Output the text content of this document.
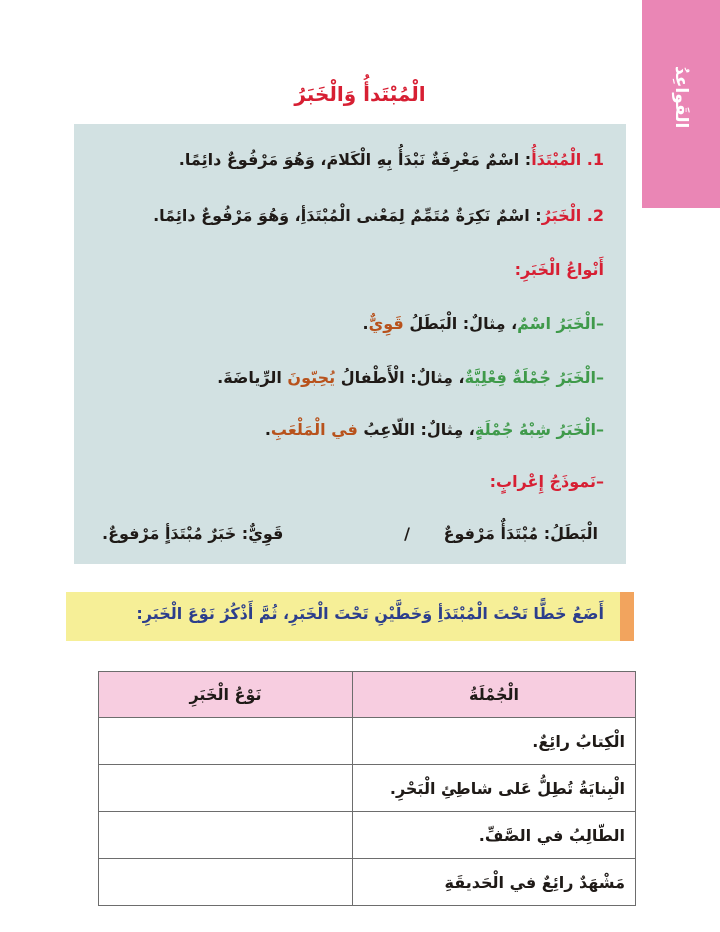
القَواعِدُ
الْمُبْتَدأُ وَالْخَبَرُ
1. الْمُبْتَدَأُ: اسْمٌ مَعْرِفَةٌ نَبْدَأُ بِهِ الْكَلامَ، وَهُوَ مَرْفُوعٌ دائِمًا.
2. الْخَبَرُ: اسْمٌ نَكِرَةٌ مُتَمِّمٌ لِمَعْنى الْمُبْتَدَأِ، وَهُوَ مَرْفُوعٌ دائِمًا.
أَنْواعُ الْخَبَرِ:
–الْخَبَرُ اسْمٌ، مِثالٌ: الْبَطَلُ قَوِيٌّ.
–الْخَبَرُ جُمْلَةٌ فِعْلِيَّةٌ، مِثالٌ: الْأَطْفالُ يُحِبّونَ الرِّياضَةَ.
–الْخَبَرُ شِبْهُ جُمْلَةٍ، مِثالٌ: اللّاعِبُ في الْمَلْعَبِ.
–نَموذَجُ إِعْرابٍ:
الْبَطَلُ: مُبْتَدَأٌ مَرْفوعٌ
/
قَوِيٌّ: خَبَرٌ مُبْتَدَأٍ مَرْفوعٌ.
أَضَعُ خَطًّا تَحْتَ الْمُبْتَدَأِ وَخَطَّيْنِ تَحْتَ الْخَبَرِ، ثُمَّ أَذْكُرُ نَوْعَ الْخَبَرِ:
الْجُمْلَةُ	نَوْعُ الْخَبَرِ
الْكِتابُ رائِعٌ.	
الْبِنايَةُ تُطِلُّ عَلى شاطِئِ الْبَحْرِ.	
الطّالِبُ في الصَّفِّ.	
مَشْهَدٌ رائِعٌ في الْحَديقَةِ	
